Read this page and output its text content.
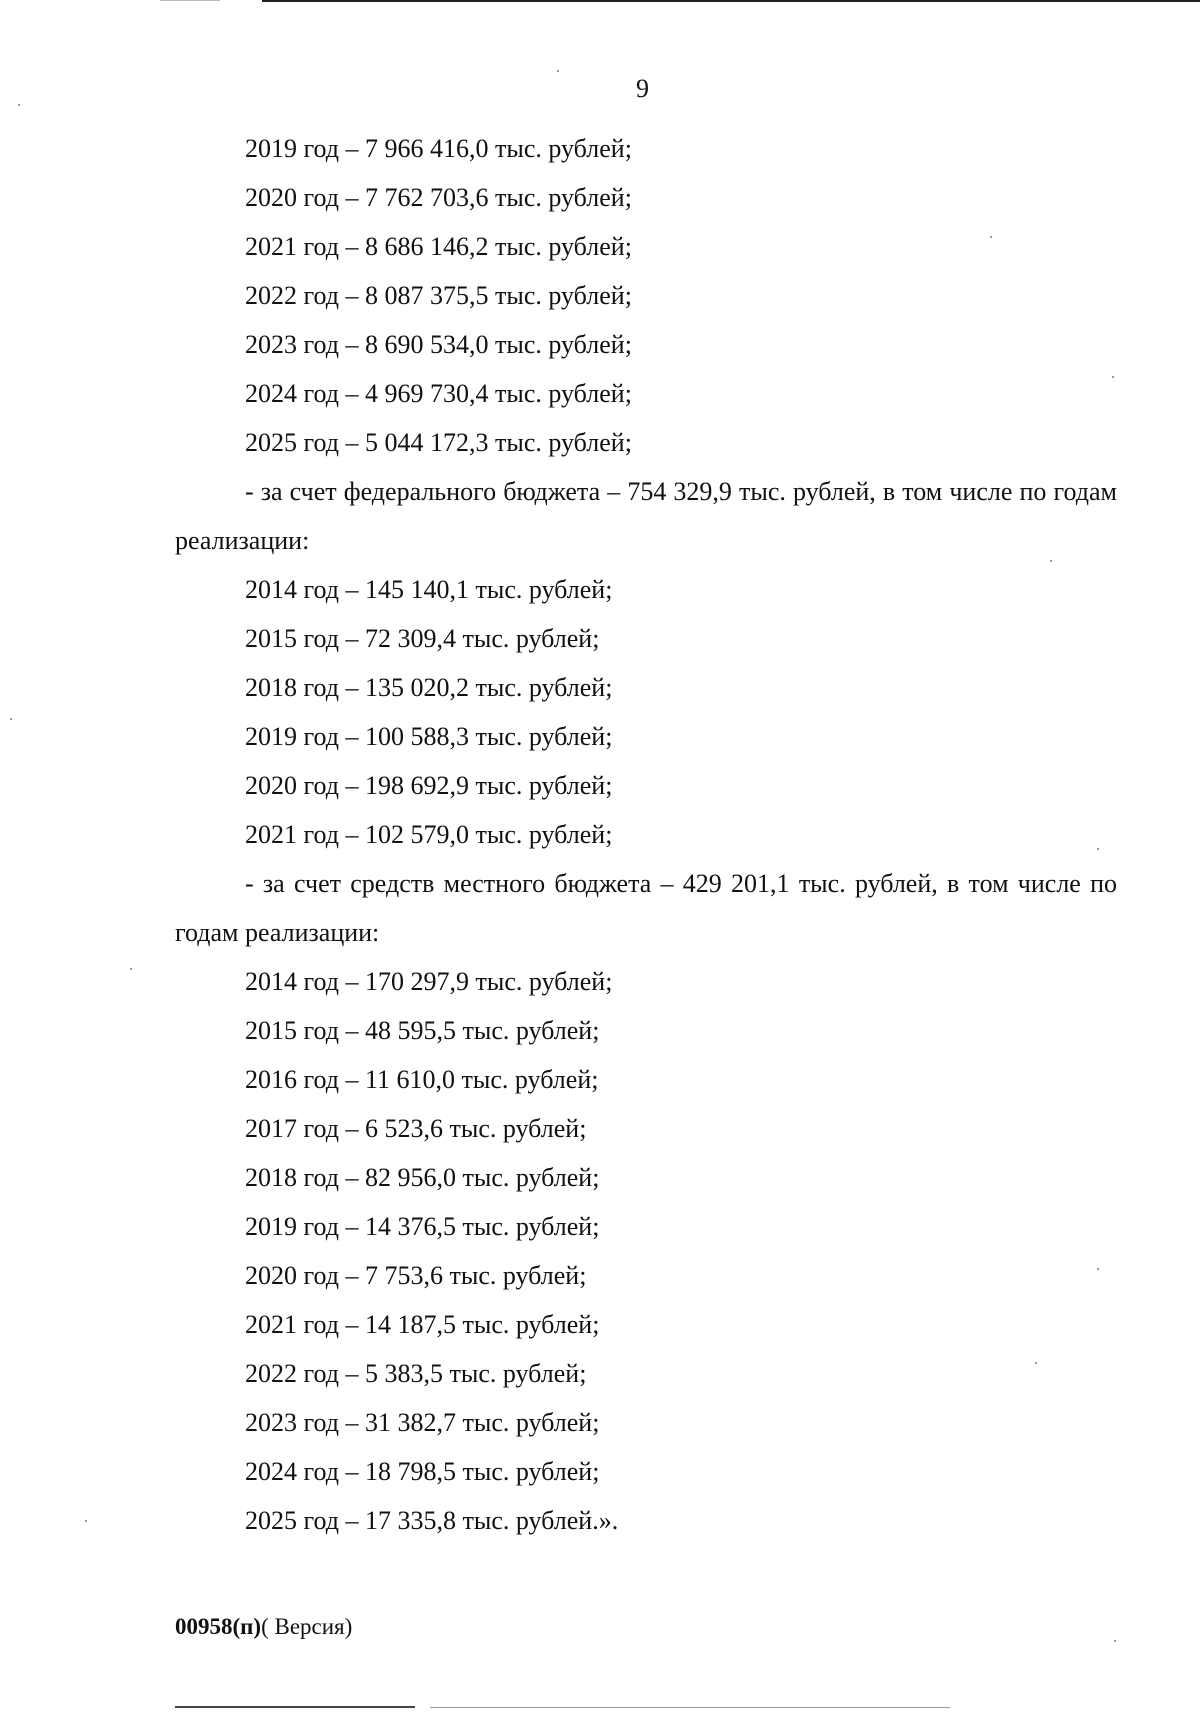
9
2019 год – 7 966 416,0 тыс. рублей;
2020 год – 7 762 703,6 тыс. рублей;
2021 год – 8 686 146,2 тыс. рублей;
2022 год – 8 087 375,5 тыс. рублей;
2023 год – 8 690 534,0 тыс. рублей;
2024 год – 4 969 730,4 тыс. рублей;
2025 год – 5 044 172,3 тыс. рублей;

- за счет федерального бюджета – 754 329,9 тыс. рублей, в том числе по годам реализации:

2014 год – 145 140,1 тыс. рублей;
2015 год – 72 309,4 тыс. рублей;
2018 год – 135 020,2 тыс. рублей;
2019 год – 100 588,3 тыс. рублей;
2020 год – 198 692,9 тыс. рублей;
2021 год – 102 579,0 тыс. рублей;

- за счет средств местного бюджета – 429 201,1 тыс. рублей, в том числе по годам реализации:

2014 год – 170 297,9 тыс. рублей;
2015 год – 48 595,5 тыс. рублей;
2016 год – 11 610,0 тыс. рублей;
2017 год – 6 523,6 тыс. рублей;
2018 год – 82 956,0 тыс. рублей;
2019 год – 14 376,5 тыс. рублей;
2020 год – 7 753,6 тыс. рублей;
2021 год – 14 187,5 тыс. рублей;
2022 год – 5 383,5 тыс. рублей;
2023 год – 31 382,7 тыс. рублей;
2024 год – 18 798,5 тыс. рублей;
2025 год – 17 335,8 тыс. рублей.».
00958(п)( Версия)
